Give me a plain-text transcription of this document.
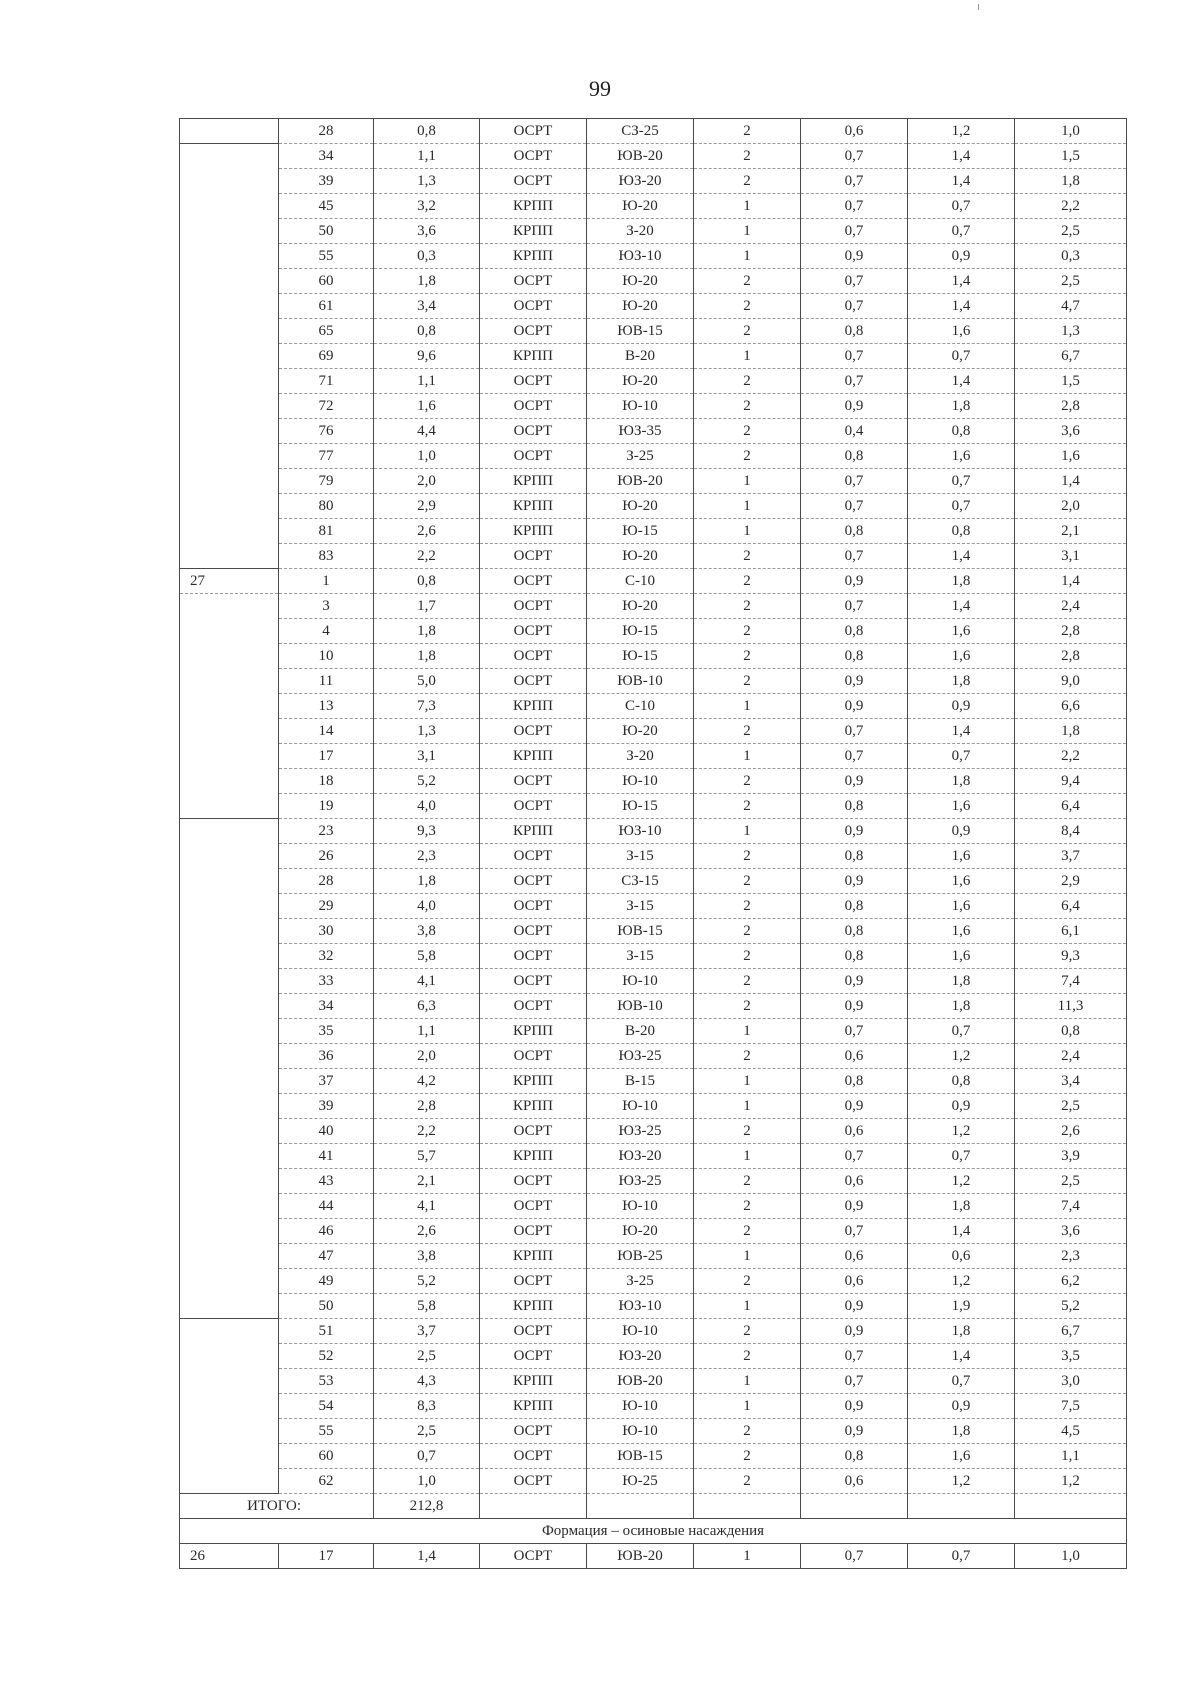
99
	28	0,8	ОСРТ	СЗ-25	2	0,6	1,2	1,0
	34	1,1	ОСРТ	ЮВ-20	2	0,7	1,4	1,5
	39	1,3	ОСРТ	ЮЗ-20	2	0,7	1,4	1,8
	45	3,2	КРПП	Ю-20	1	0,7	0,7	2,2
	50	3,6	КРПП	З-20	1	0,7	0,7	2,5
	55	0,3	КРПП	ЮЗ-10	1	0,9	0,9	0,3
	60	1,8	ОСРТ	Ю-20	2	0,7	1,4	2,5
	61	3,4	ОСРТ	Ю-20	2	0,7	1,4	4,7
	65	0,8	ОСРТ	ЮВ-15	2	0,8	1,6	1,3
	69	9,6	КРПП	В-20	1	0,7	0,7	6,7
	71	1,1	ОСРТ	Ю-20	2	0,7	1,4	1,5
	72	1,6	ОСРТ	Ю-10	2	0,9	1,8	2,8
	76	4,4	ОСРТ	ЮЗ-35	2	0,4	0,8	3,6
	77	1,0	ОСРТ	З-25	2	0,8	1,6	1,6
	79	2,0	КРПП	ЮВ-20	1	0,7	0,7	1,4
	80	2,9	КРПП	Ю-20	1	0,7	0,7	2,0
	81	2,6	КРПП	Ю-15	1	0,8	0,8	2,1
	83	2,2	ОСРТ	Ю-20	2	0,7	1,4	3,1
27	1	0,8	ОСРТ	С-10	2	0,9	1,8	1,4
	3	1,7	ОСРТ	Ю-20	2	0,7	1,4	2,4
	4	1,8	ОСРТ	Ю-15	2	0,8	1,6	2,8
	10	1,8	ОСРТ	Ю-15	2	0,8	1,6	2,8
	11	5,0	ОСРТ	ЮВ-10	2	0,9	1,8	9,0
	13	7,3	КРПП	С-10	1	0,9	0,9	6,6
	14	1,3	ОСРТ	Ю-20	2	0,7	1,4	1,8
	17	3,1	КРПП	З-20	1	0,7	0,7	2,2
	18	5,2	ОСРТ	Ю-10	2	0,9	1,8	9,4
	19	4,0	ОСРТ	Ю-15	2	0,8	1,6	6,4
	23	9,3	КРПП	ЮЗ-10	1	0,9	0,9	8,4
	26	2,3	ОСРТ	З-15	2	0,8	1,6	3,7
	28	1,8	ОСРТ	СЗ-15	2	0,9	1,6	2,9
	29	4,0	ОСРТ	З-15	2	0,8	1,6	6,4
	30	3,8	ОСРТ	ЮВ-15	2	0,8	1,6	6,1
	32	5,8	ОСРТ	З-15	2	0,8	1,6	9,3
	33	4,1	ОСРТ	Ю-10	2	0,9	1,8	7,4
	34	6,3	ОСРТ	ЮВ-10	2	0,9	1,8	11,3
	35	1,1	КРПП	В-20	1	0,7	0,7	0,8
	36	2,0	ОСРТ	ЮЗ-25	2	0,6	1,2	2,4
	37	4,2	КРПП	В-15	1	0,8	0,8	3,4
	39	2,8	КРПП	Ю-10	1	0,9	0,9	2,5
	40	2,2	ОСРТ	ЮЗ-25	2	0,6	1,2	2,6
	41	5,7	КРПП	ЮЗ-20	1	0,7	0,7	3,9
	43	2,1	ОСРТ	ЮЗ-25	2	0,6	1,2	2,5
	44	4,1	ОСРТ	Ю-10	2	0,9	1,8	7,4
	46	2,6	ОСРТ	Ю-20	2	0,7	1,4	3,6
	47	3,8	КРПП	ЮВ-25	1	0,6	0,6	2,3
	49	5,2	ОСРТ	З-25	2	0,6	1,2	6,2
	50	5,8	КРПП	ЮЗ-10	1	0,9	1,9	5,2
	51	3,7	ОСРТ	Ю-10	2	0,9	1,8	6,7
	52	2,5	ОСРТ	ЮЗ-20	2	0,7	1,4	3,5
	53	4,3	КРПП	ЮВ-20	1	0,7	0,7	3,0
	54	8,3	КРПП	Ю-10	1	0,9	0,9	7,5
	55	2,5	ОСРТ	Ю-10	2	0,9	1,8	4,5
	60	0,7	ОСРТ	ЮВ-15	2	0,8	1,6	1,1
	62	1,0	ОСРТ	Ю-25	2	0,6	1,2	1,2
ИТОГО:		212,8						
Формация – осиновые насаждения								
26	17	1,4	ОСРТ	ЮВ-20	1	0,7	0,7	1,0
